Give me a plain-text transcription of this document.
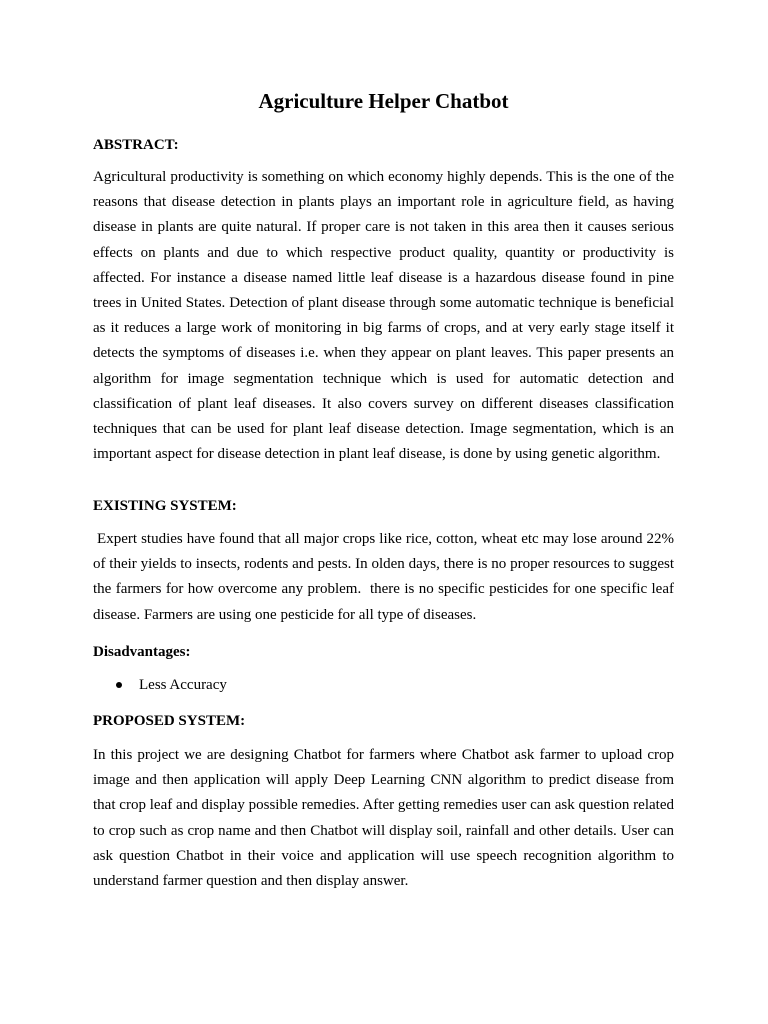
Agriculture Helper Chatbot

ABSTRACT:

Agricultural productivity is something on which economy highly depends. This is the one of the reasons that disease detection in plants plays an important role in agriculture field, as having disease in plants are quite natural. If proper care is not taken in this area then it causes serious effects on plants and due to which respective product quality, quantity or productivity is affected. For instance a disease named little leaf disease is a hazardous disease found in pine trees in United States. Detection of plant disease through some automatic technique is beneficial as it reduces a large work of monitoring in big farms of crops, and at very early stage itself it detects the symptoms of diseases i.e. when they appear on plant leaves. This paper presents an algorithm for image segmentation technique which is used for automatic detection and classification of plant leaf diseases. It also covers survey on different diseases classification techniques that can be used for plant leaf disease detection. Image segmentation, which is an important aspect for disease detection in plant leaf disease, is done by using genetic algorithm.

EXISTING SYSTEM:

Expert studies have found that all major crops like rice, cotton, wheat etc may lose around 22% of their yields to insects, rodents and pests. In olden days, there is no proper resources to suggest the farmers for how overcome any problem.  there is no specific pesticides for one specific leaf disease. Farmers are using one pesticide for all type of diseases.

Disadvantages:

Less Accuracy

PROPOSED SYSTEM:

In this project we are designing Chatbot for farmers where Chatbot ask farmer to upload crop image and then application will apply Deep Learning CNN algorithm to predict disease from that crop leaf and display possible remedies. After getting remedies user can ask question related to crop such as crop name and then Chatbot will display soil, rainfall and other details. User can ask question Chatbot in their voice and application will use speech recognition algorithm to understand farmer question and then display answer.
